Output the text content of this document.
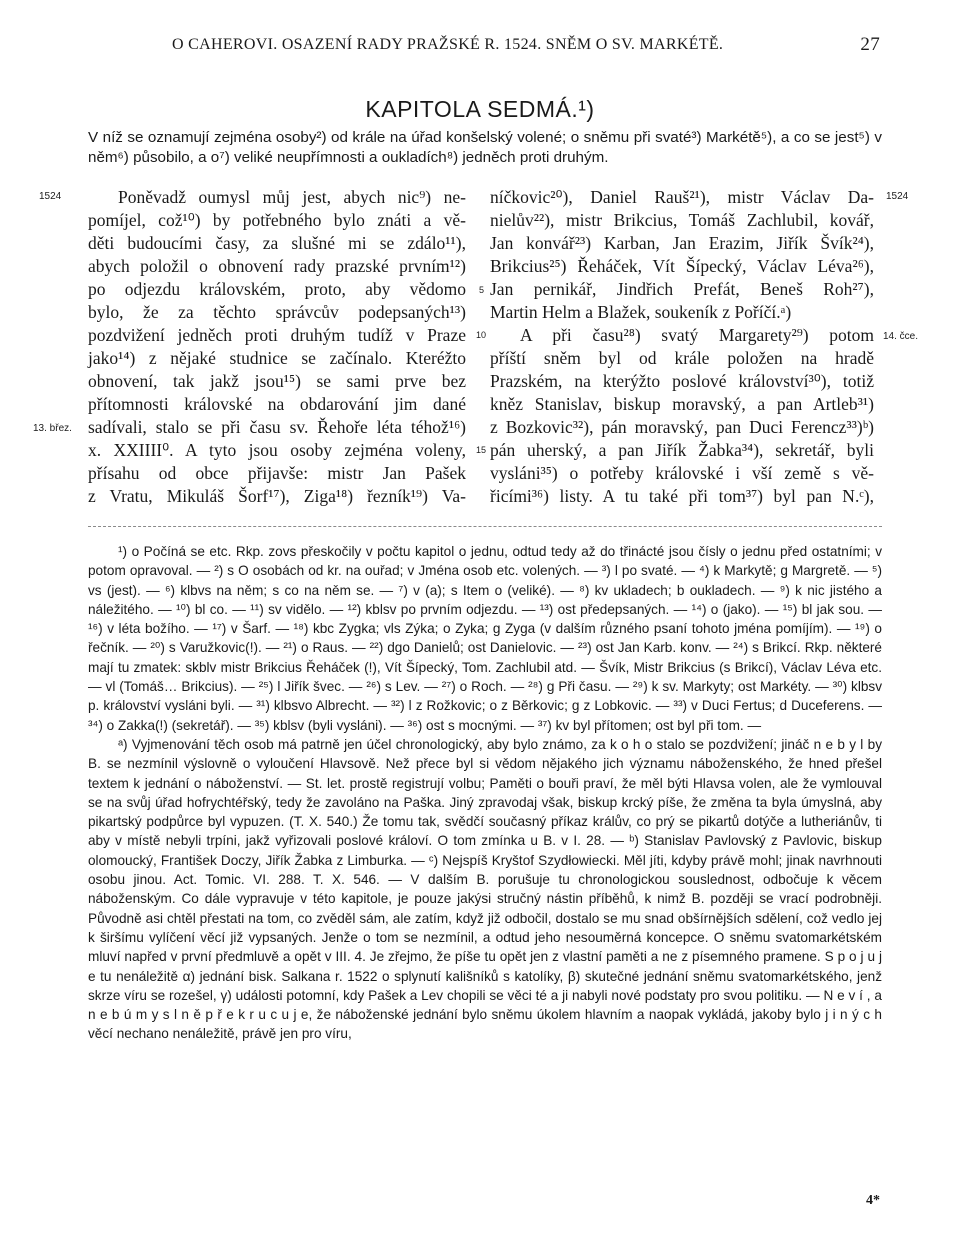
O CAHEROVI. OSAZENÍ RADY PRAŽSKÉ R. 1524. SNĚM O SV. MARKÉTĚ.	27
KAPITOLA SEDMÁ.¹)
V níž se oznamují zejména osoby²) od krále na úřad konšelský volené; o sněmu při svaté³) Markétě⁵), a co se jest⁵) v něm⁶) působilo, a o⁷) veliké neupřímnosti a oukladích⁸) jedněch proti druhým.
1524	1524
13. břez.
14. čce.
5
10
15
Poněvadž oumysl můj jest, abych nic⁹) ne-
pomíjel, což¹⁰) by potřebného bylo znáti a vě-
děti budoucími časy, za slušné mi se zdálo¹¹),
abych položil o obnovení rady prazské prvním¹²)
po odjezdu královském, proto, aby vědomo
bylo, že za těchto správcův podepsaných¹³)
pozdvižení jedněch proti druhým tudíž v Praze
jako¹⁴) z nějaké studnice se začínalo. Kteréžto
obnovení, tak jakž jsou¹⁵) se sami prve bez
přítomnosti královské na obdarování jim dané
sadívali, stalo se při času sv. Řehoře léta téhož¹⁶)
x. XXIIII⁰. A tyto jsou osoby zejména voleny,
přísahu od obce přijavše: mistr Jan Pašek
z Vratu, Mikuláš Šorf¹⁷), Ziga¹⁸) řezník¹⁹) Va-
níčkovic²⁰), Daniel Rauš²¹), mistr Václav Da-
nielův²²), mistr Brikcius, Tomáš Zachlubil, kovář,
Jan konvář²³) Karban, Jan Erazim, Jiřík Švík²⁴),
Brikcius²⁵) Řeháček, Vít Šípecký, Václav Léva²⁶),
Jan pernikář, Jindřich Prefát, Beneš Roh²⁷),
Martin Helm a Blažek, soukeník z Poříčí.ᵃ)
A při času²⁸) svatý Margarety²⁹) potom
příští sněm byl od krále položen na hradě
Prazském, na kterýžto poslové království³⁰), totiž
kněz Stanislav, biskup moravský, a pan Artleb³¹)
z Bozkovic³²), pán moravský, pan Duci Ferencz³³)ᵇ)
pán uherský, a pan Jiřík Žabka³⁴), sekretář, byli
vysláni³⁵) o potřeby královské i vší země s vě-
řicími³⁶) listy. A tu také při tom³⁷) byl pan N.ᶜ),

¹) o Počíná se etc. Rkp. zovs přeskočily v počtu kapitol o jednu, odtud tedy až do třinácté jsou čísly o jednu před ostatními; v potom opravoval. — ²) s O osobách od kr. na ouřad; v Jména osob etc. volených. — ³) l po svaté. — ⁴) k Markytě; g Margretě. — ⁵) vs (jest). — ⁶) klbvs na něm; s co na něm se. — ⁷) v (a); s Item o (veliké). — ⁸) kv ukladech; b oukladech. — ⁹) k nic jistého a náležitého. — ¹⁰) bl co. — ¹¹) sv vidělo. — ¹²) kblsv po prvním odjezdu. — ¹³) ost předepsaných. — ¹⁴) o (jako). — ¹⁵) bl jak sou. — ¹⁶) v léta božího. — ¹⁷) v Šarf. — ¹⁸) kbc Zygka; vls Zýka; o Zyka; g Zyga (v dalším různého psaní tohoto jména pomíjím). — ¹⁹) o řečník. — ²⁰) s Varužkovic(!). — ²¹) o Raus. — ²²) dgo Danielů; ost Danielovic. — ²³) ost Jan Karb. konv. — ²⁴) s Brikcí. Rkp. některé mají tu zmatek: skblv mistr Brikcius Řeháček (!), Vít Šípecký, Tom. Zachlubil atd. — Švík, Mistr Brikcius (s Brikcí), Václav Léva etc. — vl (Tomáš… Brikcius). — ²⁵) l Jiřík švec. — ²⁶) s Lev. — ²⁷) o Roch. — ²⁸) g Při času. — ²⁹) k sv. Markyty; ost Markéty. — ³⁰) klbsv p. království vysláni byli. — ³¹) klbsvo Albrecht. — ³²) l z Rožkovic; o z Běrkovic; g z Lobkovic. — ³³) v Duci Fertus; d Duceferens. — ³⁴) o Zakka(!) (sekretář). — ³⁵) kblsv (byli vysláni). — ³⁶) ost s mocnými. — ³⁷) kv byl přítomen; ost byl při tom. —

ᵃ) Vyjmenování těch osob má patrně jen účel chronologický, aby bylo známo, za k o h o stalo se pozdvižení; jináč n e b y l by B. se nezmínil výslovně o vyloučení Hlavsově. Než přece byl si vědom nějakého jich významu náboženského, že hned přešel textem k jednání o náboženství. — St. let. prostě registrují volbu; Paměti o bouři praví, že měl býti Hlavsa volen, ale že vymlouval se na svůj úřad hofrychtéřský, tedy že zavoláno na Paška. Jiný zpravodaj však, biskup krcký píše, že změna ta byla úmyslná, aby pikartský podpůrce byl vypuzen. (T. X. 540.) Že tomu tak, svědčí současný příkaz králův, co prý se pikartů dotýče a lutheriánův, ti aby v místě nebyli trpíni, jakž vyřizovali poslové královí. O tom zmínka u B. v I. 28. — ᵇ) Stanislav Pavlovský z Pavlovic, biskup olomoucký, František Doczy, Jiřík Žabka z Limburka. — ᶜ) Nejspíš Kryštof Szydłowiecki. Měl jíti, kdyby právě mohl; jinak navrhnouti osobu jinou. Act. Tomic. VI. 288. T. X. 546. — V dalším B. porušuje tu chronologickou souslednost, odbočuje k věcem náboženským. Co dále vypravuje v této kapitole, je pouze jakýsi stručný nástin příběhů, k nimž B. později se vrací podrobněji. Původně asi chtěl přestati na tom, co zvěděl sám, ale zatím, když již odbočil, dostalo se mu snad obšírnějších sdělení, což vedlo jej k širšímu vylíčení věcí již vypsaných. Jenže o tom se nezmínil, a odtud jeho nesouměrná koncepce. O sněmu svatomarkétském mluví napřed v první předmluvě a opět v III. 4. Je zřejmo, že píše tu opět jen z vlastní paměti a ne z písemného pramene. S p o j u j e tu nenáležitě α) jednání bisk. Salkana r. 1522 o splynutí kališníků s katolíky, β) skutečné jednání sněmu svatomarkétského, jenž skrze víru se rozešel, γ) události potomní, kdy Pašek a Lev chopili se věci té a ji nabyli nové podstaty pro svou politiku. — N e v í , a n e b ú m y s l n ě p ř e k r u c u j e, že náboženské jednání bylo sněmu úkolem hlavním a naopak vykládá, jakoby bylo j i n ý c h věcí nechano nenáležitě, právě jen pro víru,

4*
